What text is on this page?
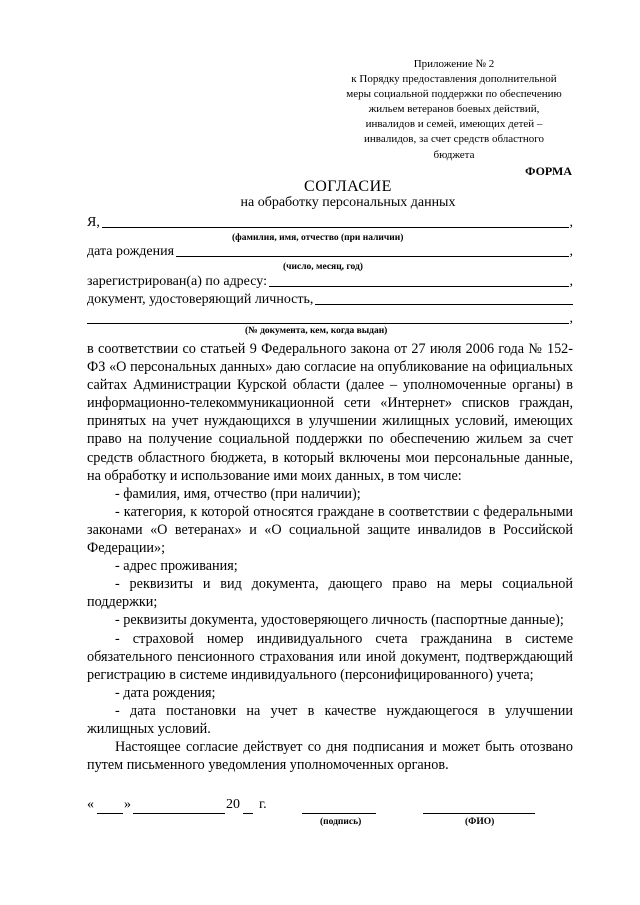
Приложение № 2
к Порядку предоставления дополнительной
меры социальной поддержки по обеспечению
жильем ветеранов боевых действий,
инвалидов и семей, имеющих детей –
инвалидов, за счет средств областного
бюджета
ФОРМА
СОГЛАСИЕ
на обработку персональных данных
Я,	,
(фамилия, имя, отчество (при наличии)
дата рождения	,
(число, месяц, год)
зарегистрирован(а) по адресу:	,
документ, удостоверяющий личность,
,
(№ документа, кем, когда выдан)

в соответствии со статьей 9 Федерального закона от 27 июля 2006 года № 152-ФЗ «О персональных данных» даю согласие на опубликование на официальных сайтах Администрации Курской области (далее – уполномоченные органы) в информационно-телекоммуникационной сети «Интернет» списков граждан, принятых на учет нуждающихся в улучшении жилищных условий, имеющих право на получение социальной поддержки по обеспечению жильем за счет средств областного бюджета, в который включены мои персональные данные, на обработку и использование ими моих данных, в том числе:

- фамилия, имя, отчество (при наличии);

- категория, к которой относятся граждане в соответствии с федеральными законами «О ветеранах» и «О социальной защите инвалидов в Российской Федерации»;

- адрес проживания;

- реквизиты и вид документа, дающего право на меры социальной поддержки;

- реквизиты документа, удостоверяющего личность (паспортные данные);

- страховой номер индивидуального счета гражданина в системе обязательного пенсионного страхования или иной документ, подтверждающий регистрацию в системе индивидуального (персонифицированного) учета;

- дата рождения;

- дата постановки на учет в качестве нуждающегося в улучшении жилищных условий.

Настоящее согласие действует со дня подписания и может быть отозвано путем письменного уведомления уполномоченных органов.

« »	20 г.
(подпись)	(ФИО)
